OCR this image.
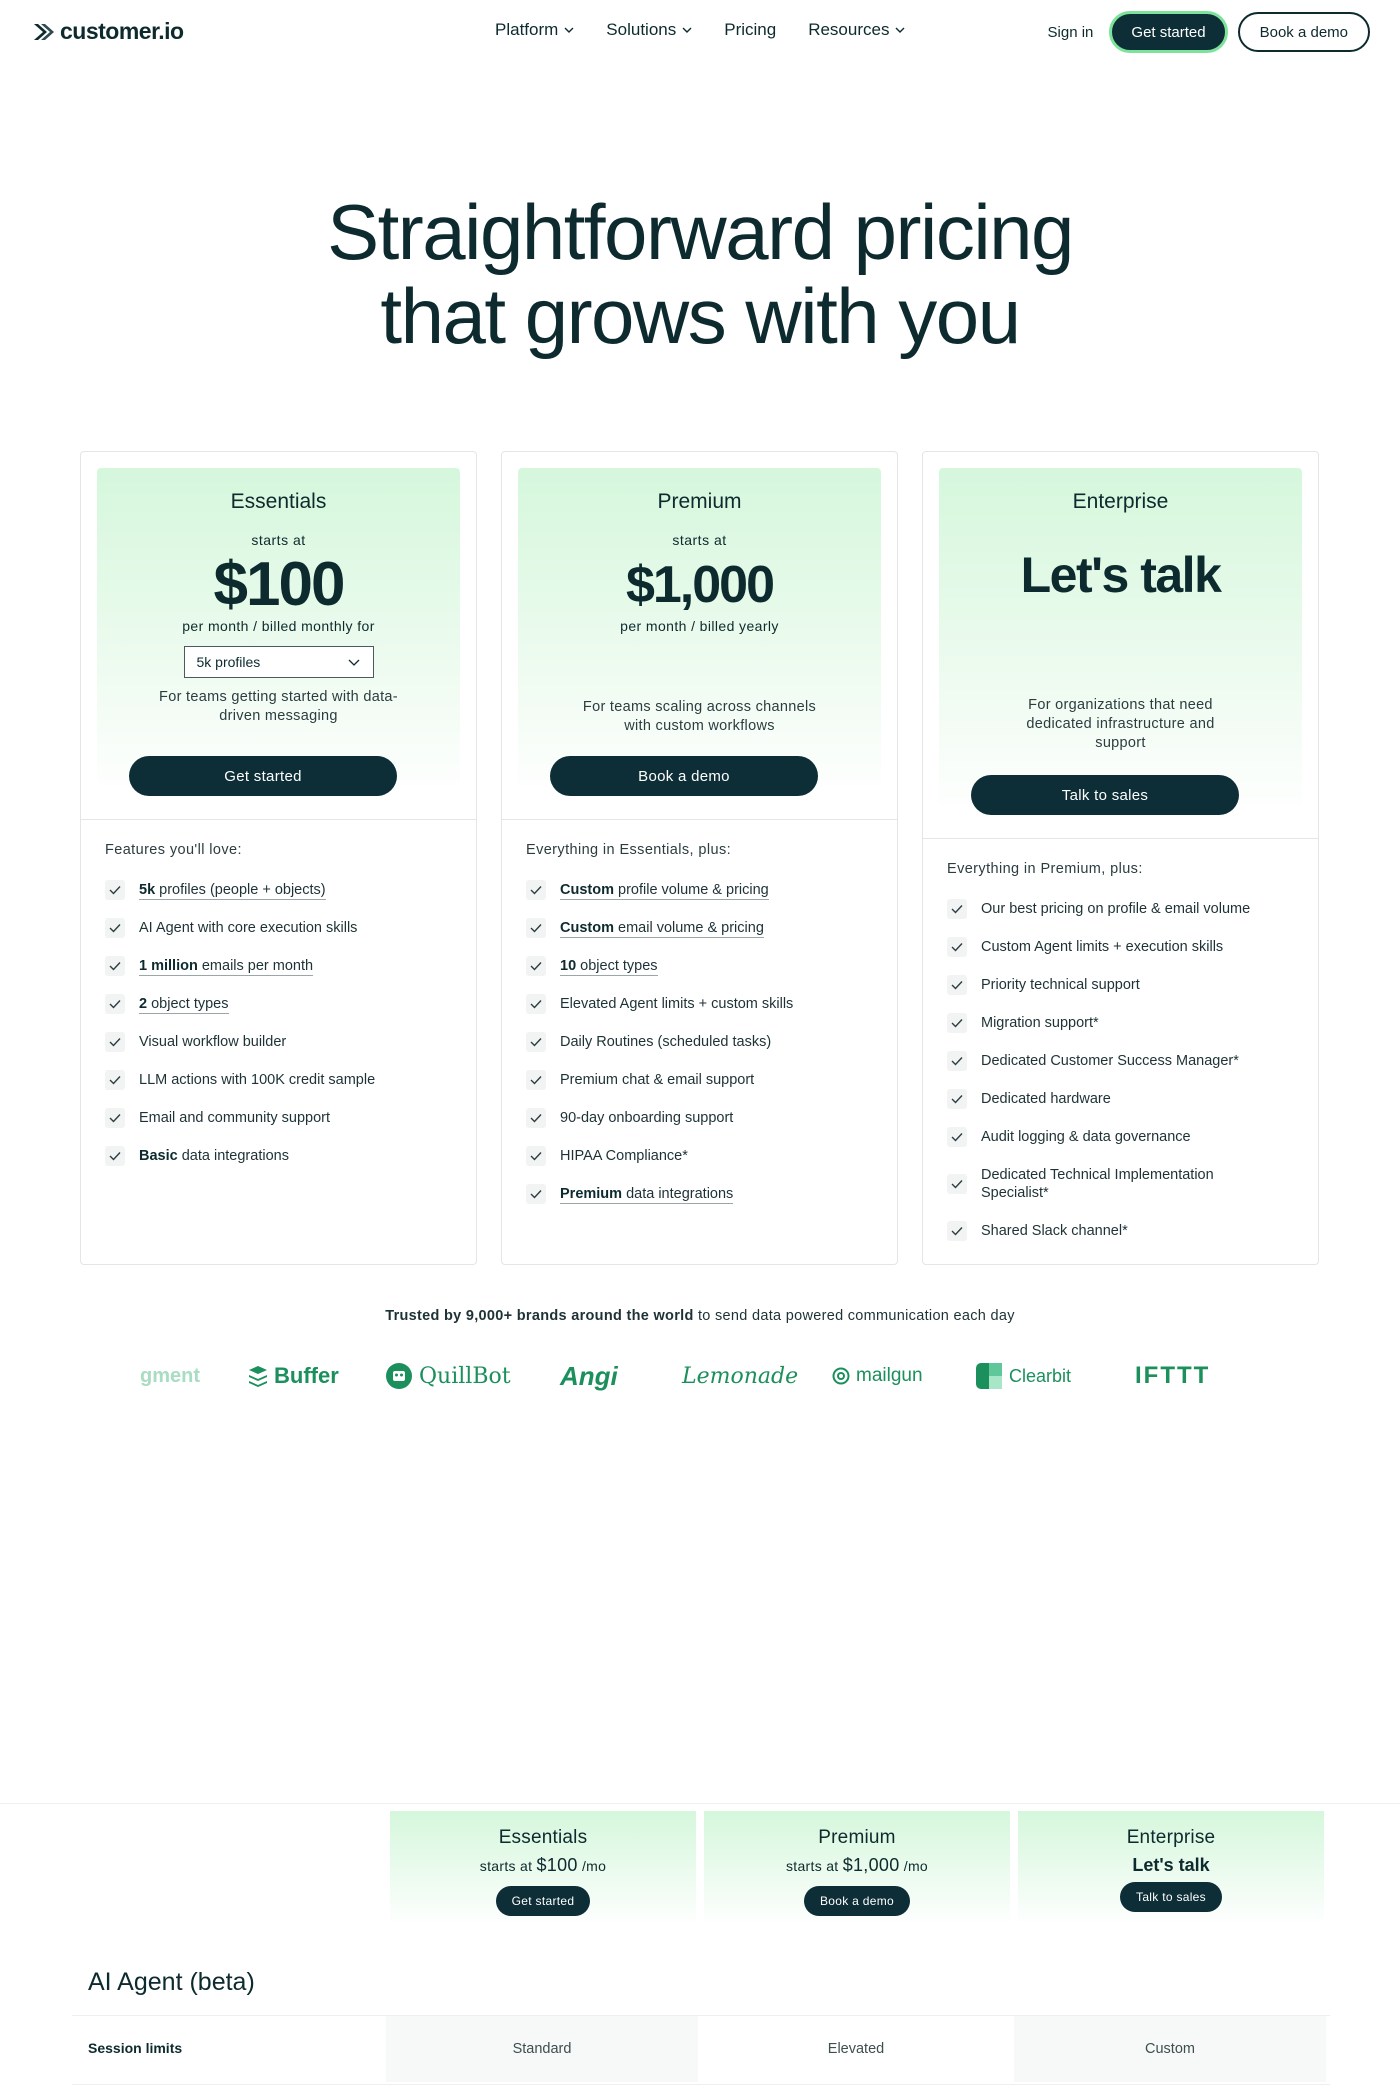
customer.io	Platform	Solutions	Pricing Resources	Sign in	Get started	Book a demo
Straightforward pricing
that grows with you
Essentials
starts at
$100
per month / billed monthly for
5k profiles
For teams getting started with data-driven messaging
Get started
Features you'll love:
5k profiles (people + objects)
AI Agent with core execution skills
1 million emails per month
2 object types
Visual workflow builder
LLM actions with 100K credit sample
Email and community support
Basic data integrations
Premium
starts at
$1,000
per month / billed yearly
For teams scaling across channels with custom workflows
Book a demo
Everything in Essentials, plus:
Custom profile volume & pricing
Custom email volume & pricing
10 object types
Elevated Agent limits + custom skills
Daily Routines (scheduled tasks)
Premium chat & email support
90-day onboarding support
HIPAA Compliance*
Premium data integrations
Enterprise
Let's talk
For organizations that need dedicated infrastructure and support
Talk to sales
Everything in Premium, plus:
Our best pricing on profile & email volume
Custom Agent limits + execution skills
Priority technical support
Migration support*
Dedicated Customer Success Manager*
Dedicated hardware
Audit logging & data governance
Dedicated Technical Implementation Specialist*
Shared Slack channel*
Trusted by 9,000+ brands around the world to send data powered communication each day
gment	Buffer	QuillBot Angi	Lemonade	mailgun	Clearbit	IFTTT
Essentials
starts at $100 /mo
Get started
Premium
starts at $1,000 /mo
Book a demo
Enterprise
Let's talk
Talk to sales
AI Agent (beta)
Session limits	Standard	Elevated	Custom
